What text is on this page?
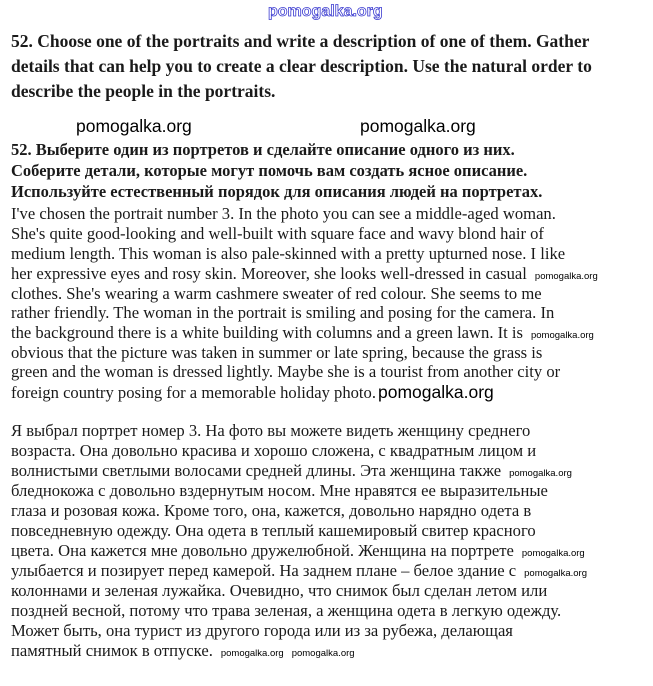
pomogalka.org
52. Choose one of the portraits and write a description of one of them. Gather
details that can help you to create a clear description. Use the natural order to
describe the people in the portraits.
pomogalka.org	pomogalka.org
52. Выберите один из портретов и сделайте описание одного из них.
Соберите детали, которые могут помочь вам создать ясное описание.
Используйте естественный порядок для описания людей на портретах.
I've chosen the portrait number 3. In the photo you can see a middle-aged woman.
She's quite good-looking and well-built with square face and wavy blond hair of
medium length. This woman is also pale-skinned with a pretty upturned nose. I like
her expressive eyes and rosy skin. Moreover, she looks well-dressed in casual pomogalka.org
clothes. She's wearing a warm cashmere sweater of red colour. She seems to me
rather friendly. The woman in the portrait is smiling and posing for the camera. In
the background there is a white building with columns and a green lawn. It is pomogalka.org
obvious that the picture was taken in summer or late spring, because the grass is
green and the woman is dressed lightly. Maybe she is a tourist from another city or
foreign country posing for a memorable holiday photo. pomogalka.org
Я выбрал портрет номер 3. На фото вы можете видеть женщину среднего
возраста. Она довольно красива и хорошо сложена, с квадратным лицом и
волнистыми светлыми волосами средней длины. Эта женщина также pomogalka.org
бледнокожа с довольно вздернутым носом. Мне нравятся ее выразительные
глаза и розовая кожа. Кроме того, она, кажется, довольно нарядно одета в
повседневную одежду. Она одета в теплый кашемировый свитер красного
цвета. Она кажется мне довольно дружелюбной. Женщина на портрете pomogalka.org
улыбается и позирует перед камерой. На заднем плане – белое здание с pomogalka.org
колоннами и зеленая лужайка. Очевидно, что снимок был сделан летом или
поздней весной, потому что трава зеленая, а женщина одета в легкую одежду.
Может быть, она турист из другого города или из за рубежа, делающая
памятный снимок в отпуске. pomogalka.org pomogalka.org
